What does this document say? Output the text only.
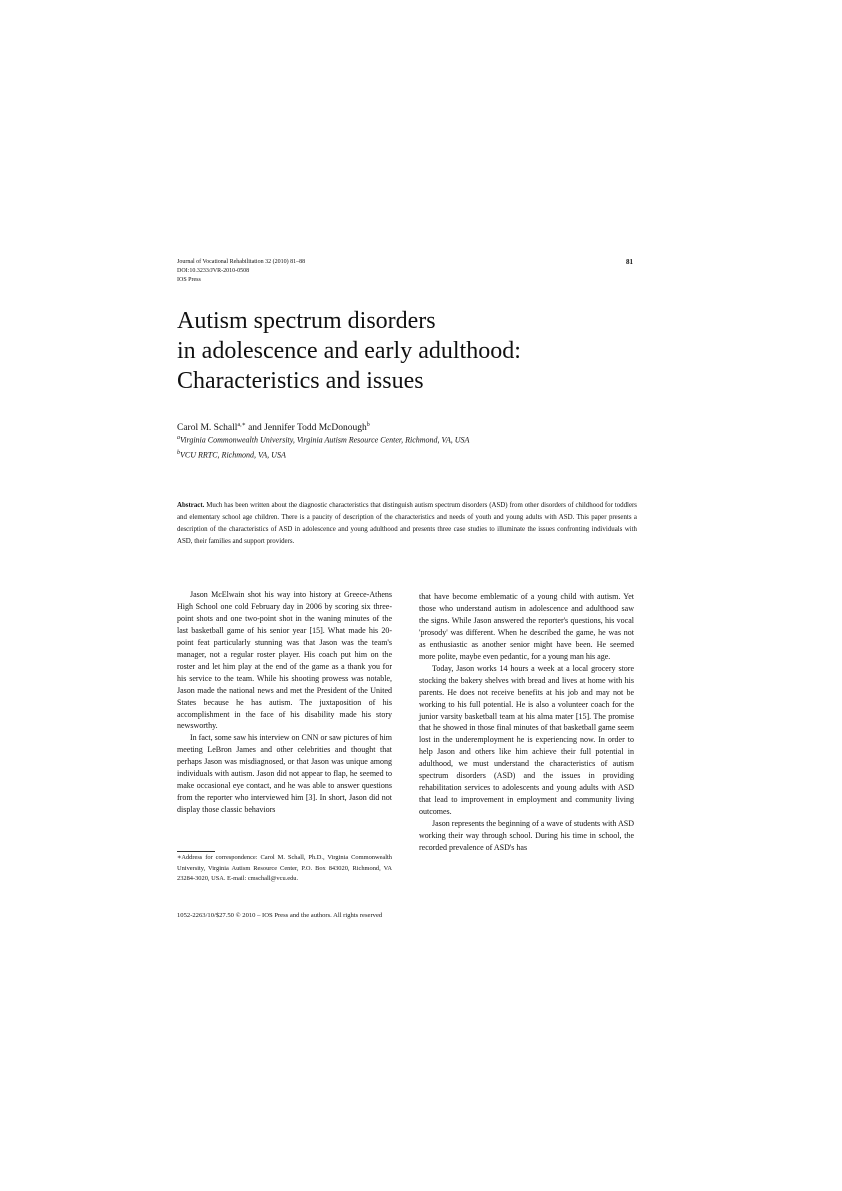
Journal of Vocational Rehabilitation 32 (2010) 81–88
DOI:10.3233/JVR-2010-0508
IOS Press
81
Autism spectrum disorders
in adolescence and early adulthood:
Characteristics and issues
Carol M. Schall$^{a,∗}$ and Jennifer Todd McDonough$^b$
$^a$Virginia Commonwealth University, Virginia Autism Resource Center, Richmond, VA, USA
$^b$VCU RRTC, Richmond, VA, USA
Abstract. Much has been written about the diagnostic characteristics that distinguish autism spectrum disorders (ASD) from other disorders of childhood for toddlers and elementary school age children. There is a paucity of description of the characteristics and needs of youth and young adults with ASD. This paper presents a description of the characteristics of ASD in adolescence and young adulthood and presents three case studies to illuminate the issues confronting individuals with ASD, their families and support providers.

Jason McElwain shot his way into history at Greece-Athens High School one cold February day in 2006 by scoring six three-point shots and one two-point shot in the waning minutes of the last basketball game of his senior year [15]. What made his 20-point feat particularly stunning was that Jason was the team's manager, not a regular roster player. His coach put him on the roster and let him play at the end of the game as a thank you for his service to the team. While his shooting prowess was notable, Jason made the national news and met the President of the United States because he has autism. The juxtaposition of his accomplishment in the face of his disability made his story newsworthy.

In fact, some saw his interview on CNN or saw pictures of him meeting LeBron James and other celebrities and thought that perhaps Jason was misdiagnosed, or that Jason was unique among individuals with autism. Jason did not appear to flap, he seemed to make occasional eye contact, and he was able to answer questions from the reporter who interviewed him [3]. In short, Jason did not display those classic behaviors

∗Address for correspondence: Carol M. Schall, Ph.D., Virginia Commonwealth University, Virginia Autism Resource Center, P.O. Box 843020, Richmond, VA 23284-3020, USA. E-mail: cmschall@vcu.edu.

that have become emblematic of a young child with autism. Yet those who understand autism in adolescence and adulthood saw the signs. While Jason answered the reporter's questions, his vocal 'prosody' was different. When he described the game, he was not as enthusiastic as another senior might have been. He seemed more polite, maybe even pedantic, for a young man his age.

Today, Jason works 14 hours a week at a local grocery store stocking the bakery shelves with bread and lives at home with his parents. He does not receive benefits at his job and may not be working to his full potential. He is also a volunteer coach for the junior varsity basketball team at his alma mater [15]. The promise that he showed in those final minutes of that basketball game seem lost in the underemployment he is experiencing now. In order to help Jason and others like him achieve their full potential in adulthood, we must understand the characteristics of autism spectrum disorders (ASD) and the issues in providing rehabilitation services to adolescents and young adults with ASD that lead to improvement in employment and community living outcomes.

Jason represents the beginning of a wave of students with ASD working their way through school. During his time in school, the recorded prevalence of ASD's has

1052-2263/10/$27.50 © 2010 – IOS Press and the authors. All rights reserved
